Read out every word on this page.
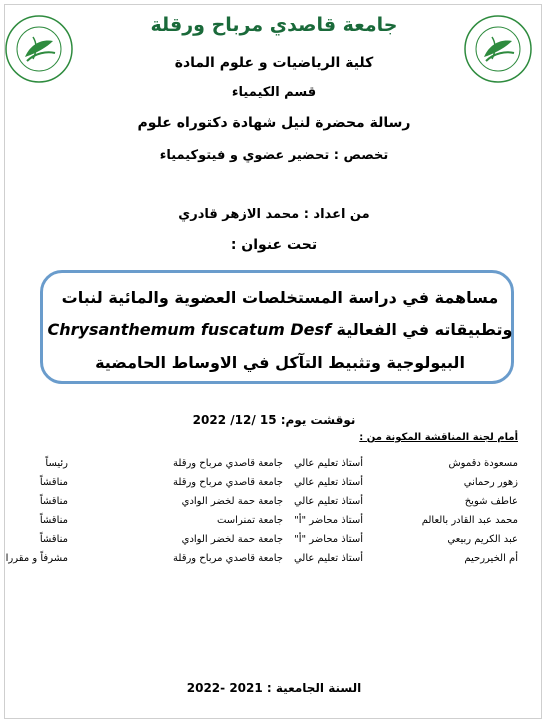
جامعة قاصدي مرباح ورقلة
كلية الرياضيات و علوم المادة
قسم الكيمياء
رسالة محضرة لنيل شهادة دكتوراه علوم
تخصص : تحضير عضوي و فيتوكيمياء
من اعداد : محمد الازهر قادري
تحت عنوان :
مساهمة في دراسة المستخلصات العضوية والمائية لنبات
وتطبيقاته في الفعالية Chrysanthemum fuscatum Desf
البيولوجية وتثبيط التآكل في الاوساط الحامضية
نوقشت يوم: 15 /12/ 2022
أمام لجنة المناقشة المكونة من :
مسعودة دقموش
أستاذ تعليم عالي
جامعة قاصدي مرباح ورقلة
رئيساً
زهور رحماني
أستاذ تعليم عالي
جامعة قاصدي مرباح ورقلة
مناقشاً
عاطف شويخ
أستاذ تعليم عالي
جامعة حمة لخضر الوادي
مناقشاً
محمد عبد القادر بالعالم
أستاذ محاضر "أ"
جامعة تمنراست
مناقشاً
عبد الكريم ربيعي
أستاذ محاضر "أ"
جامعة حمة لخضر الوادي
مناقشاً
أم الخيررحيم
أستاذ تعليم عالي
جامعة قاصدي مرباح ورقلة
مشرفاً و مقررا
السنة الجامعية : 2021 -2022
